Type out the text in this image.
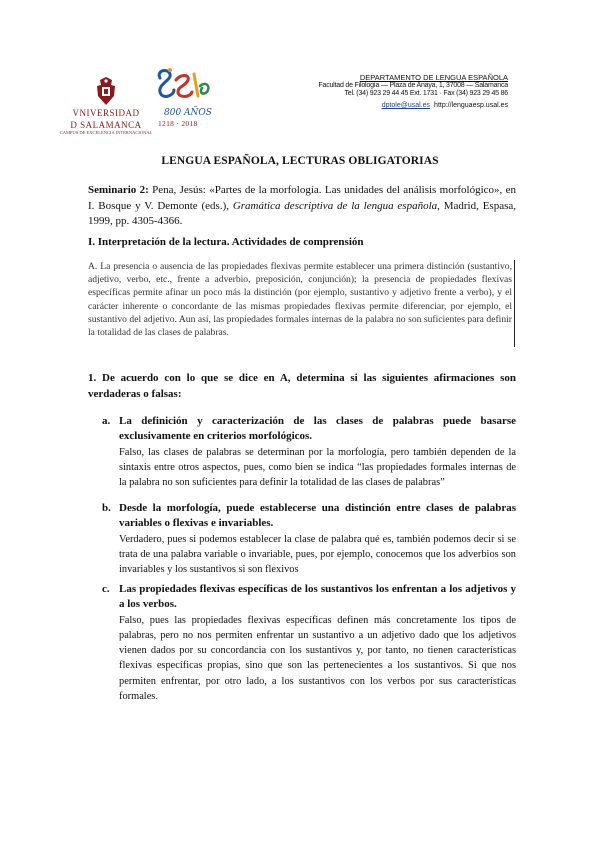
VNIVERSIDAD
D SALAMANCA
CAMPUS DE EXCELENCIA INTERNACIONAL
800 AÑOS
1218 · 2018
DEPARTAMENTO DE LENGUA ESPAÑOLA
Facultad de Filología — Plaza de Anaya, 1, 37008 — Salamanca
Tel. (34) 923 29 44 45 Ext. 1731 · Fax (34) 923 29 45 86
dptole@usal.es http://lenguaesp.usal.es
LENGUA ESPAÑOLA, LECTURAS OBLIGATORIAS
Seminario 2: Pena, Jesús: «Partes de la morfología. Las unidades del análisis morfológico», en I. Bosque y V. Demonte (eds.), Gramática descriptiva de la lengua española, Madrid, Espasa, 1999, pp. 4305-4366.
I. Interpretación de la lectura. Actividades de comprensión
A. La presencia o ausencia de las propiedades flexivas permite establecer una primera distinción (sustantivo, adjetivo, verbo, etc., frente a adverbio, preposición, conjunción); la presencia de propiedades flexivas específicas permite afinar un poco más la distinción (por ejemplo, sustantivo y adjetivo frente a verbo), y el carácter inherente o concordante de las mismas propiedades flexivas permite diferenciar, por ejemplo, el sustantivo del adjetivo. Aun así, las propiedades formales internas de la palabra no son suficientes para definir la totalidad de las clases de palabras.
1. De acuerdo con lo que se dice en A, determina si las siguientes afirmaciones son verdaderas o falsas:
a. La definición y caracterización de las clases de palabras puede basarse exclusivamente en criterios morfológicos.
Falso, las clases de palabras se determinan por la morfología, pero también dependen de la sintaxis entre otros aspectos, pues, como bien se indica “las propiedades formales internas de la palabra no son suficientes para definir la totalidad de las clases de palabras”
b. Desde la morfología, puede establecerse una distinción entre clases de palabras variables o flexivas e invariables.
Verdadero, pues si podemos establecer la clase de palabra qué es, también podemos decir si se trata de una palabra variable o invariable, pues, por ejemplo, conocemos que los adverbios son invariables y los sustantivos si son flexivos
c. Las propiedades flexivas específicas de los sustantivos los enfrentan a los adjetivos y a los verbos.
Falso, pues las propiedades flexivas específicas definen más concretamente los tipos de palabras, pero no nos permiten enfrentar un sustantivo a un adjetivo dado que los adjetivos vienen dados por su concordancia con los sustantivos y, por tanto, no tienen características flexivas específicas propias, sino que son las pertenecientes a los sustantivos. Si que nos permiten enfrentar, por otro lado, a los sustantivos con los verbos por sus características formales.
